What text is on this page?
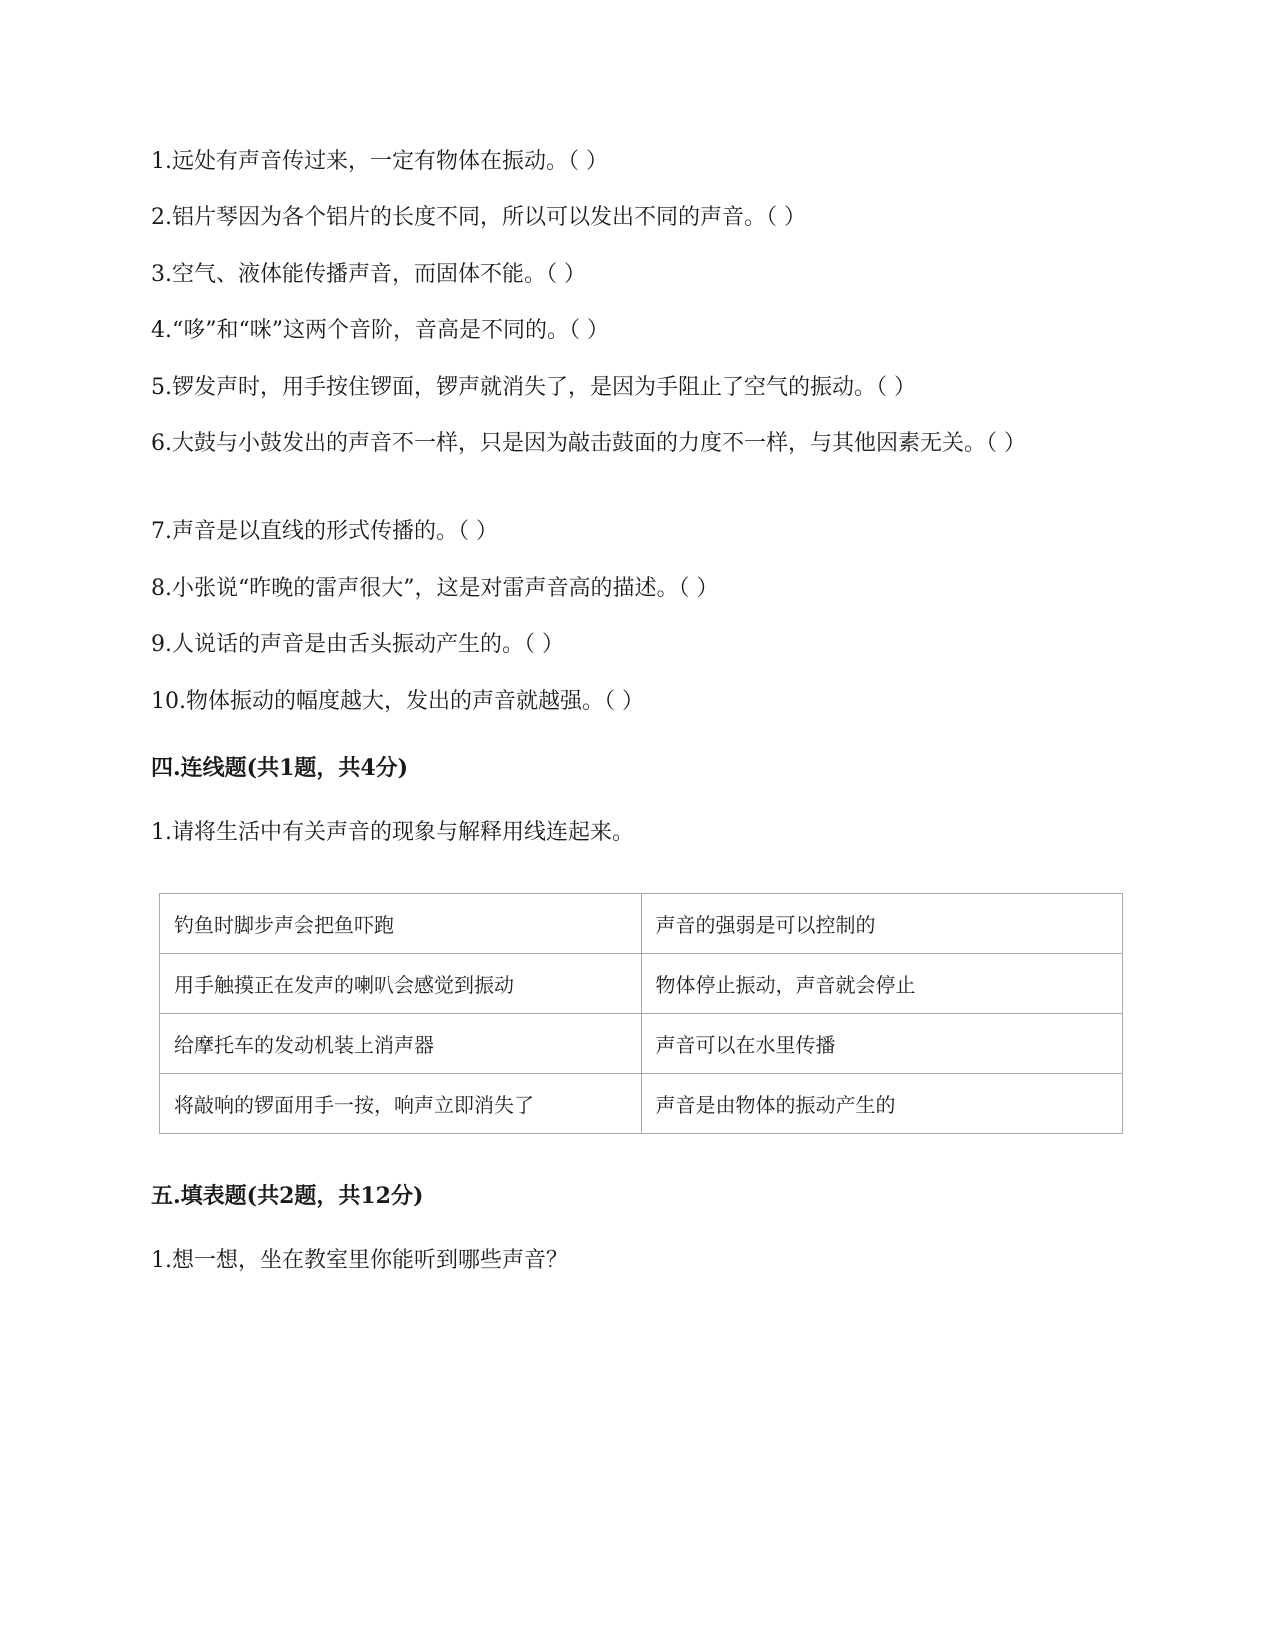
1.远处有声音传过来，一定有物体在振动。（ ）
2.铝片琴因为各个铝片的长度不同，所以可以发出不同的声音。（ ）
3.空气、液体能传播声音，而固体不能。（ ）
4.“哆”和“咪”这两个音阶，音高是不同的。（ ）
5.锣发声时，用手按住锣面，锣声就消失了，是因为手阻止了空气的振动。（ ）
6.大鼓与小鼓发出的声音不一样，只是因为敲击鼓面的力度不一样，与其他因素无关。（ ）
7.声音是以直线的形式传播的。（ ）
8.小张说“昨晚的雷声很大”，这是对雷声音高的描述。（ ）
9.人说话的声音是由舌头振动产生的。（ ）
10.物体振动的幅度越大，发出的声音就越强。（ ）
四.连线题(共1题，共4分)
1.请将生活中有关声音的现象与解释用线连起来。
钓鱼时脚步声会把鱼吓跑	声音的强弱是可以控制的
用手触摸正在发声的喇叭会感觉到振动	物体停止振动，声音就会停止
给摩托车的发动机装上消声器	声音可以在水里传播
将敲响的锣面用手一按，响声立即消失了	声音是由物体的振动产生的
五.填表题(共2题，共12分)
1.想一想，坐在教室里你能听到哪些声音？
